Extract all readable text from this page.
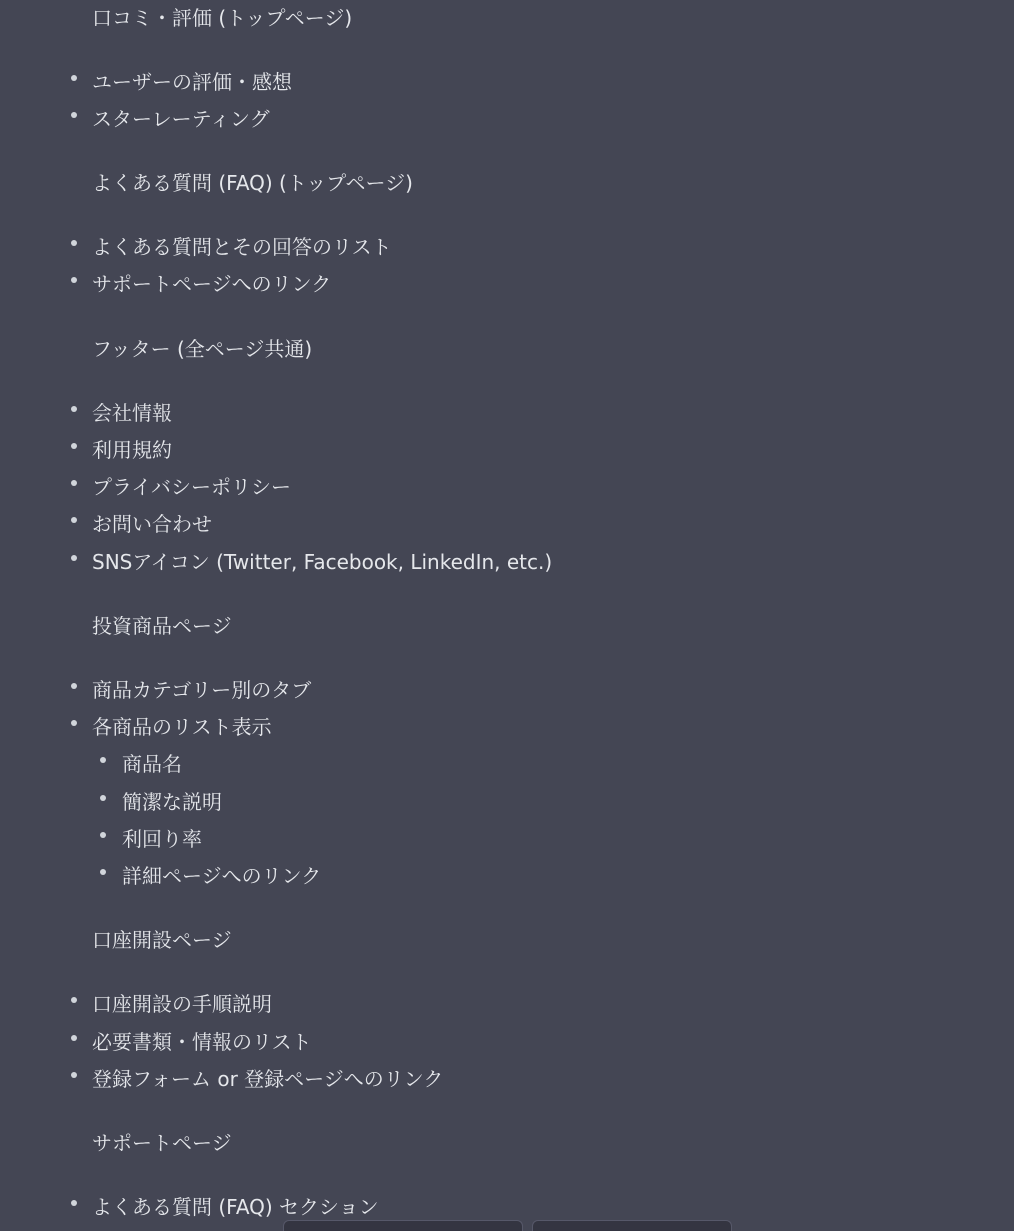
口コミ・評価 (トップページ)
ユーザーの評価・感想
スターレーティング
よくある質問 (FAQ) (トップページ)
よくある質問とその回答のリスト
サポートページへのリンク
フッター (全ページ共通)
会社情報
利用規約
プライバシーポリシー
お問い合わせ
SNSアイコン (Twitter, Facebook, LinkedIn, etc.)
投資商品ページ
商品カテゴリー別のタブ
各商品のリスト表示
商品名
簡潔な説明
利回り率
詳細ページへのリンク
口座開設ページ
口座開設の手順説明
必要書類・情報のリスト
登録フォーム or 登録ページへのリンク
サポートページ
よくある質問 (FAQ) セクション
